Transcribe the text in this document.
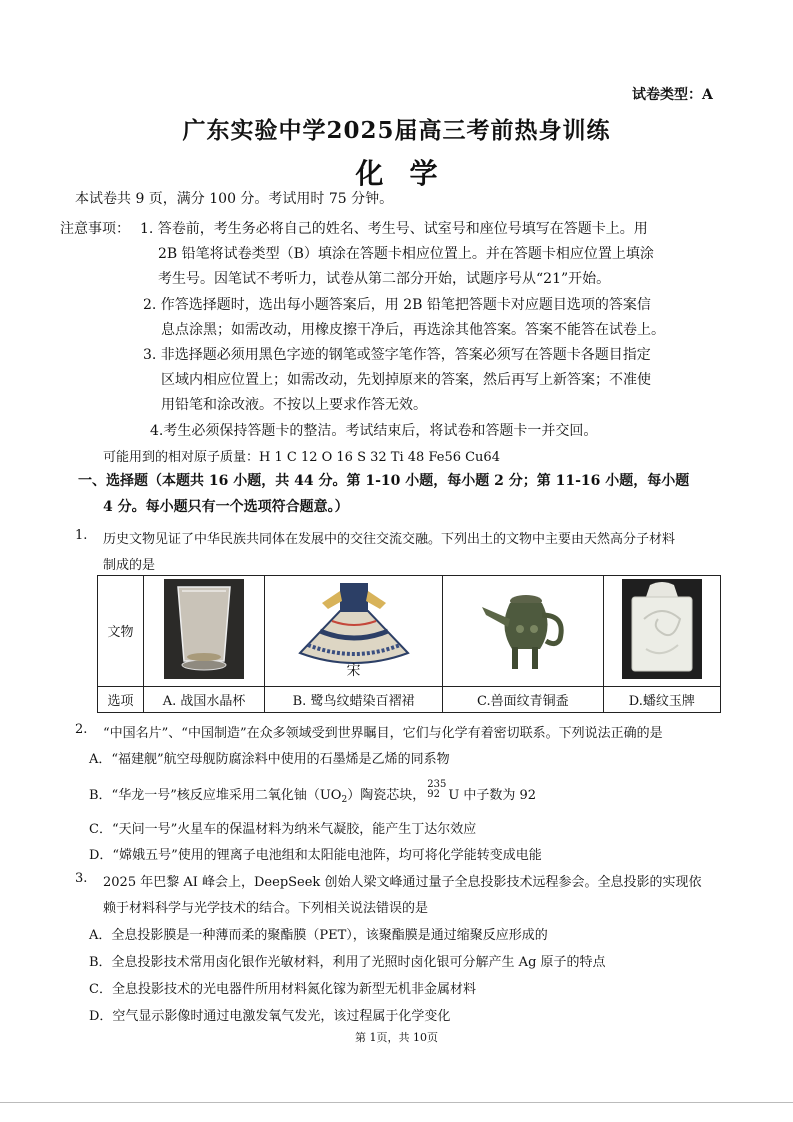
试卷类型：A
广东实验中学2025届高三考前热身训练
化学
本试卷共 9 页，满分 100 分。考试用时 75 分钟。
注意事项： 1. 答卷前，考生务必将自己的姓名、考生号、试室号和座位号填写在答题卡上。用
2B 铅笔将试卷类型（B）填涂在答题卡相应位置上。并在答题卡相应位置上填涂
考生号。因笔试不考听力，试卷从第二部分开始，试题序号从“21”开始。
2. 作答选择题时，选出每小题答案后，用 2B 铅笔把答题卡对应题目选项的答案信
息点涂黑；如需改动，用橡皮擦干净后，再选涂其他答案。答案不能答在试卷上。
3. 非选择题必须用黑色字迹的钢笔或签字笔作答，答案必须写在答题卡各题目指定
区域内相应位置上；如需改动，先划掉原来的答案，然后再写上新答案；不准使
用铅笔和涂改液。不按以上要求作答无效。
4.考生必须保持答题卡的整洁。考试结束后，将试卷和答题卡一并交回。
可能用到的相对原子质量：H 1 C 12 O 16 S 32 Ti 48 Fe56 Cu64
一、选择题（本题共 16 小题，共 44 分。第 1-10 小题，每小题 2 分；第 11-16 小题，每小题
4 分。每小题只有一个选项符合题意。）
1. 历史文物见证了中华民族共同体在发展中的交往交流交融。下列出土的文物中主要由天然高分子材料
制成的是
文物		宋

选项	A. 战国水晶杯	B. 鹭鸟纹蜡染百褶裙	C.兽面纹青铜盉	D.蟠纹玉牌
2. “中国名片”、“中国制造”在众多领域受到世界瞩目，它们与化学有着密切联系。下列说法正确的是
A．“福建舰”航空母舰防腐涂料中使用的石墨烯是乙烯的同系物
B．“华龙一号”核反应堆采用二氧化铀$(UO_2)$陶瓷芯块，
235
92 U 中子数为 92
C．“天问一号”火星车的保温材料为纳米气凝胶，能产生丁达尔效应
D．“嫦娥五号”使用的锂离子电池组和太阳能电池阵，均可将化学能转变成电能
3. 2025 年巴黎 AI 峰会上，DeepSeek 创始人梁文峰通过量子全息投影技术远程参会。全息投影的实现依
赖于材料科学与光学技术的结合。下列相关说法错误的是
A．全息投影膜是一种薄而柔的聚酯膜（PET），该聚酯膜是通过缩聚反应形成的
B．全息投影技术常用卤化银作光敏材料，利用了光照时卤化银可分解产生 Ag 原子的特点
C．全息投影技术的光电器件所用材料氮化镓为新型无机非金属材料
D．空气显示影像时通过电激发氧气发光，该过程属于化学变化
第 1页，共 10页
